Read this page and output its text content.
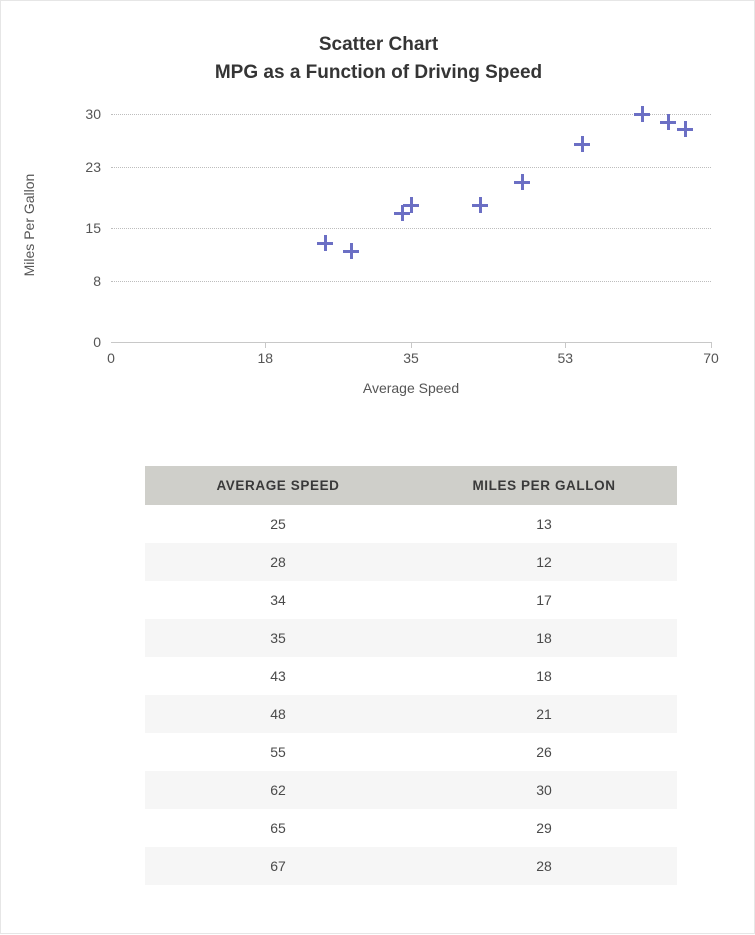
Scatter Chart
MPG as a Function of Driving Speed
0
8
15
23
30
0	18	35	53	70
Average Speed
Miles Per Gallon
AVERAGE SPEED	MILES PER GALLON
25	13
28	12
34	17
35	18
43	18
48	21
55	26
62	30
65	29
67	28
